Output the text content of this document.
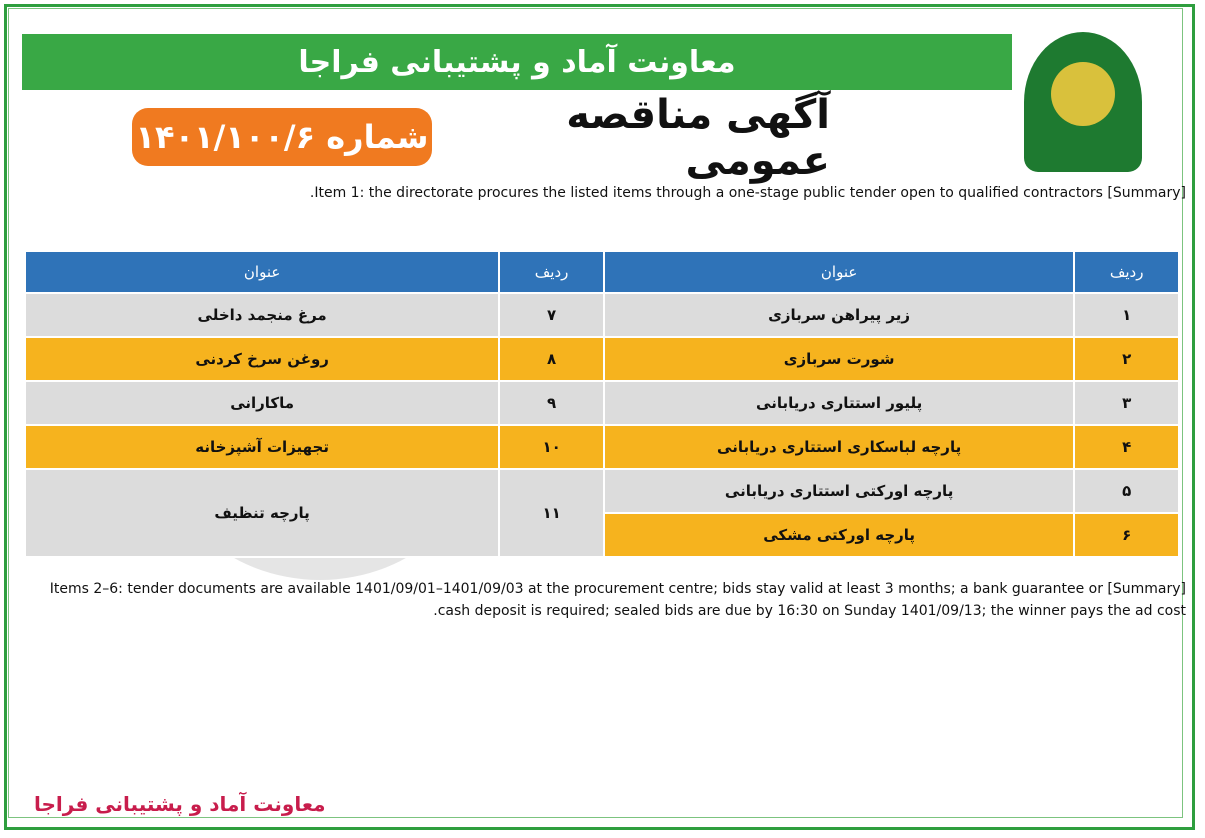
معاونت آماد و پشتیبانی فراجا
آگهی مناقصه عمومی
شماره ۱۴۰۱/۱۰۰/۶
[Summary] Item 1: the directorate procures the listed items through a one-stage public tender open to qualified contractors.
ردیف	عنوان	ردیف	عنوان
۱	زیر پیراهن سربازی	۷	مرغ منجمد داخلی
۲	شورت سربازی	۸	روغن سرخ کردنی
۳	پلیور استتاری دریابانی	۹	ماکارانی
۴	پارچه لباسکاری استتاری دریابانی	۱۰	تجهیزات آشپزخانه
۵	پارچه اورکتی استتاری دریابانی	۱۱	پارچه تنظیف
۶	پارچه اورکتی مشکی		
[Summary] Items 2–6: tender documents are available 1401/09/01–1401/09/03 at the procurement centre; bids stay valid at least 3 months; a bank guarantee or cash deposit is required; sealed bids are due by 16:30 on Sunday 1401/09/13; the winner pays the ad cost.
معاونت آماد و پشتیبانی فراجا
